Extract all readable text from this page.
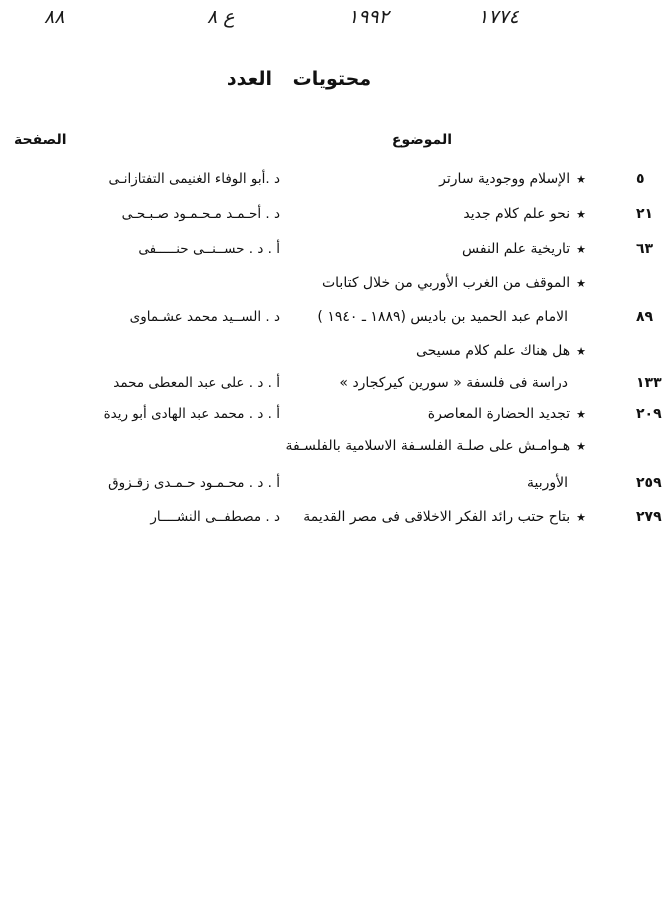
٨٨	ع ٨	١٩٩٢	١٧٧٤
محتويات العدد
الموضوع
الصفحة
★الإسلام ووجودية سارتر
د .أبو الوفاء الغنيمى التفتازانـى	٥
★نحو علم كلام جديد
د . أحـمـد مـحـمـود صـبـحـى	٢١
★تاريخية علم النفس
أ . د . حســنــى حنـــــفى	٦٣
★الموقف من الغرب الأوربي من خلال كتابات
الامام عبد الحميد بن باديس (١٨٨٩ ـ ١٩٤٠ )
د . الســيد محمد عشـماوى	٨٩
★هل هناك علم كلام مسيحى
دراسة فى فلسفة « سورين كيركجارد »
أ . د . على عبد المعطى محمد	١٣٣
★تجديد الحضارة المعاصرة
أ . د . محمد عبد الهادى أبو ريدة	٢٠٩
★هـوامـش على صلـة الفلسـفة الاسلامية بالفلسـفة
الأوربية
أ . د . محـمـود حـمـدى زقـزوق	٢٥٩
★بتاح حتب رائد الفكر الاخلاقى فى مصر القديمة
د . مصطفــى النشــــار	٢٧٩
